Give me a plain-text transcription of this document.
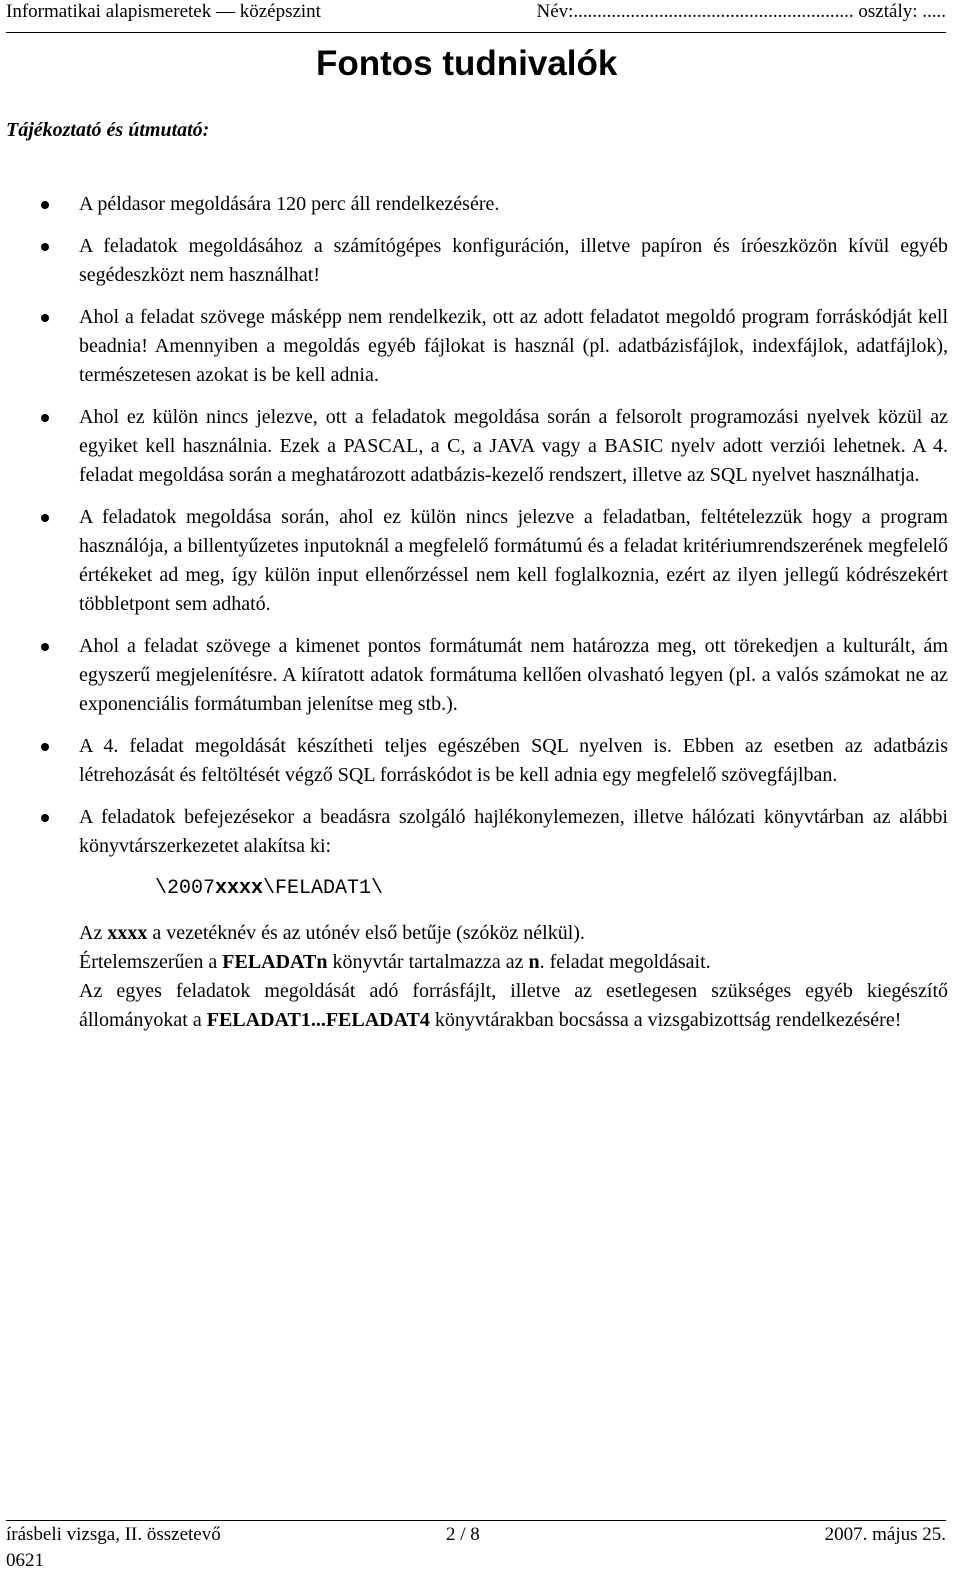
Informatikai alapismeretek — középszint	Név:........................................................... osztály: .....
Fontos tudnivalók
Tájékoztató és útmutató:
A példasor megoldására 120 perc áll rendelkezésére.
A feladatok megoldásához a számítógépes konfiguráción, illetve papíron és íróeszközön kívül egyéb segédeszközt nem használhat!
Ahol a feladat szövege másképp nem rendelkezik, ott az adott feladatot megoldó program forráskódját kell beadnia! Amennyiben a megoldás egyéb fájlokat is használ (pl. adatbázisfájlok, indexfájlok, adatfájlok), természetesen azokat is be kell adnia.
Ahol ez külön nincs jelezve, ott a feladatok megoldása során a felsorolt programozási nyelvek közül az egyiket kell használnia. Ezek a PASCAL, a C, a JAVA vagy a BASIC nyelv adott verziói lehetnek. A 4. feladat megoldása során a meghatározott adatbázis-kezelő rendszert, illetve az SQL nyelvet használhatja.
A feladatok megoldása során, ahol ez külön nincs jelezve a feladatban, feltételezzük hogy a program használója, a billentyűzetes inputoknál a megfelelő formátumú és a feladat kritériumrendszerének megfelelő értékeket ad meg, így külön input ellenőrzéssel nem kell foglalkoznia, ezért az ilyen jellegű kódrészekért többletpont sem adható.
Ahol a feladat szövege a kimenet pontos formátumát nem határozza meg, ott törekedjen a kulturált, ám egyszerű megjelenítésre. A kiíratott adatok formátuma kellően olvasható legyen (pl. a valós számokat ne az exponenciális formátumban jelenítse meg stb.).
A 4. feladat megoldását készítheti teljes egészében SQL nyelven is. Ebben az esetben az adatbázis létrehozását és feltöltését végző SQL forráskódot is be kell adnia egy megfelelő szövegfájlban.
A feladatok befejezésekor a beadásra szolgáló hajlékonylemezen, illetve hálózati könyvtárban az alábbi könyvtárszerkezetet alakítsa ki:
\2007xxxx\FELADAT1\

Az xxxx a vezetéknév és az utónév első betűje (szóköz nélkül).

Értelemszerűen a FELADATn könyvtár tartalmazza az n. feladat megoldásait.

Az egyes feladatok megoldását adó forrásfájlt, illetve az esetlegesen szükséges egyéb kiegészítő állományokat a FELADAT1...FELADAT4 könyvtárakban bocsássa a vizsgabizottság rendelkezésére!

írásbeli vizsga, II. összetevő	2 / 8	2007. május 25.
0621
